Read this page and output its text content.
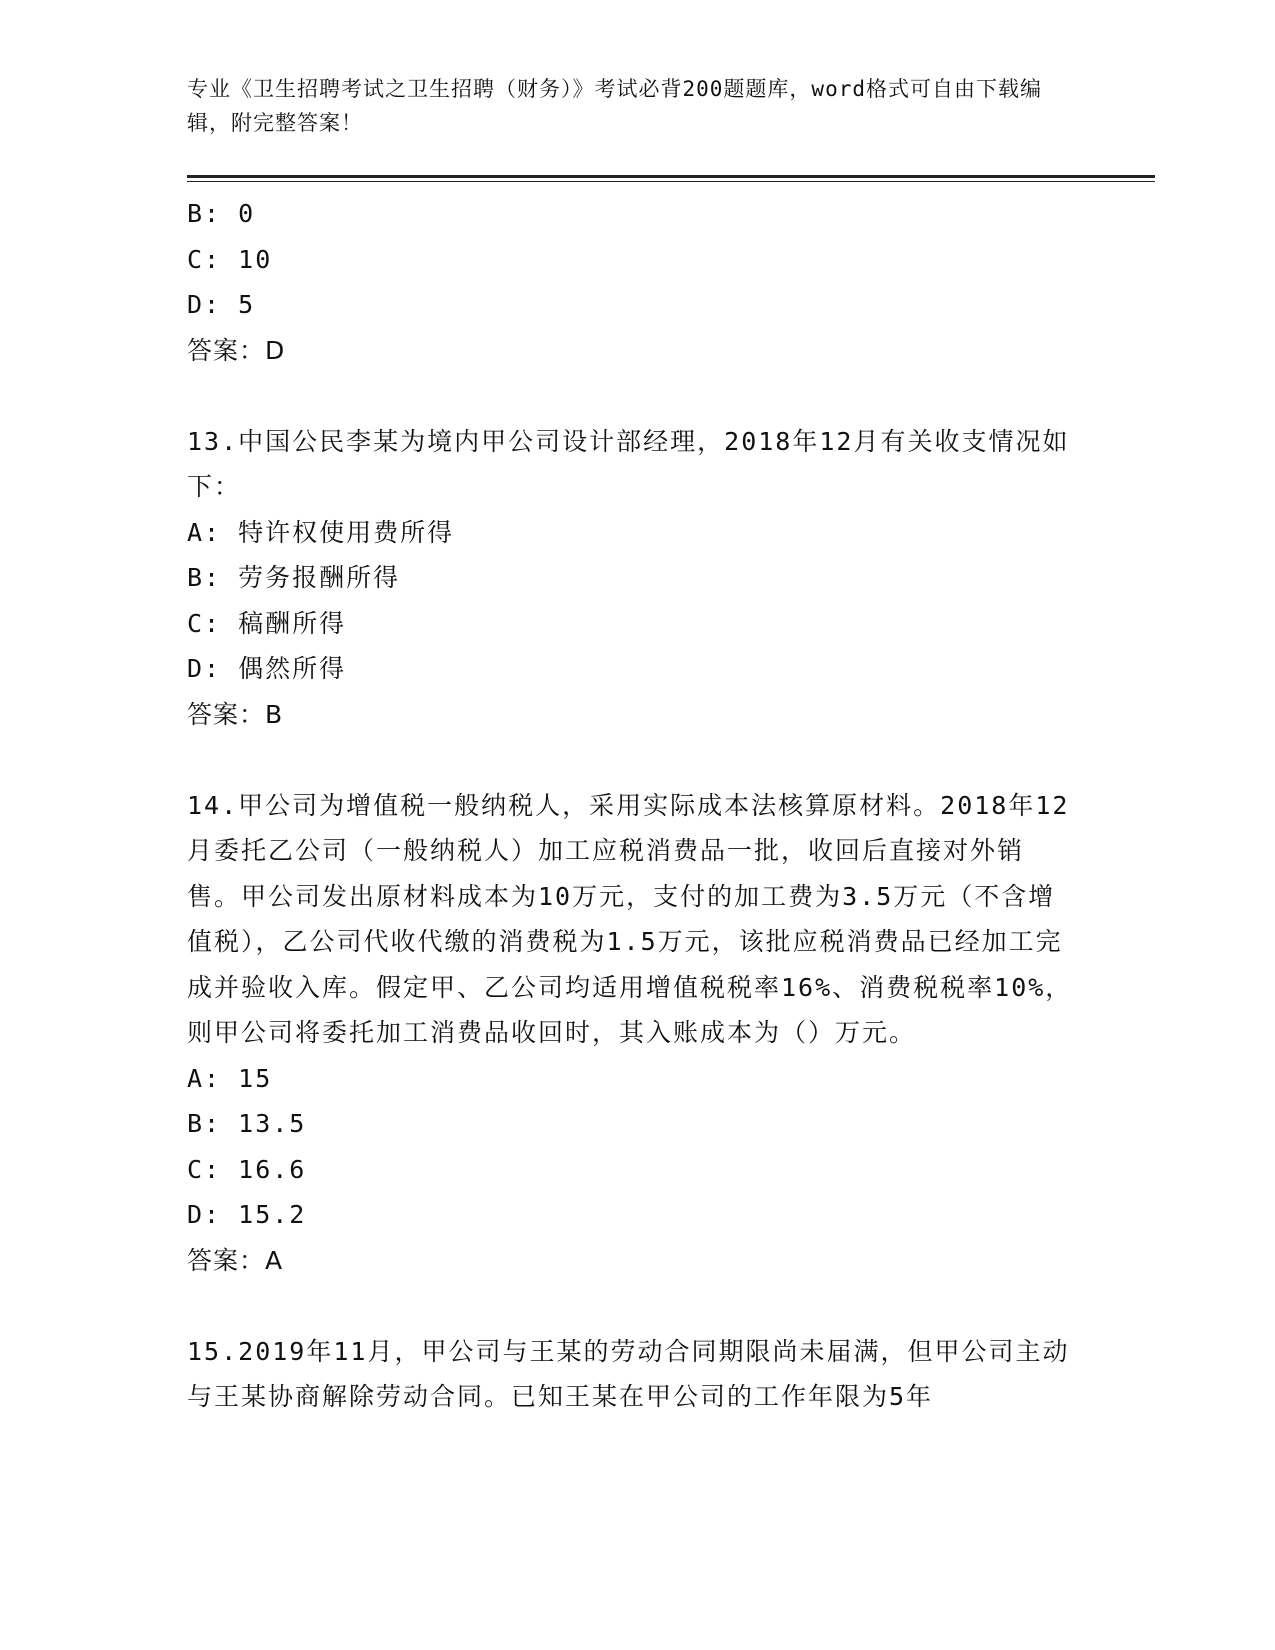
专业《卫生招聘考试之卫生招聘（财务）》考试必背200题题库，word格式可自由下载编辑，附完整答案！
B: 0
C: 10
D: 5
答案：D
13.中国公民李某为境内甲公司设计部经理，2018年12月有关收支情况如下：
A: 特许权使用费所得
B: 劳务报酬所得
C: 稿酬所得
D: 偶然所得
答案：B
14.甲公司为增值税一般纳税人，采用实际成本法核算原材料。2018年12月委托乙公司（一般纳税人）加工应税消费品一批，收回后直接对外销售。甲公司发出原材料成本为10万元，支付的加工费为3.5万元（不含增值税），乙公司代收代缴的消费税为1.5万元，该批应税消费品已经加工完成并验收入库。假定甲、乙公司均适用增值税税率16%、消费税税率10%，则甲公司将委托加工消费品收回时，其入账成本为（）万元。
A: 15
B: 13.5
C: 16.6
D: 15.2
答案：A
15.2019年11月，甲公司与王某的劳动合同期限尚未届满，但甲公司主动与王某协商解除劳动合同。已知王某在甲公司的工作年限为5年
